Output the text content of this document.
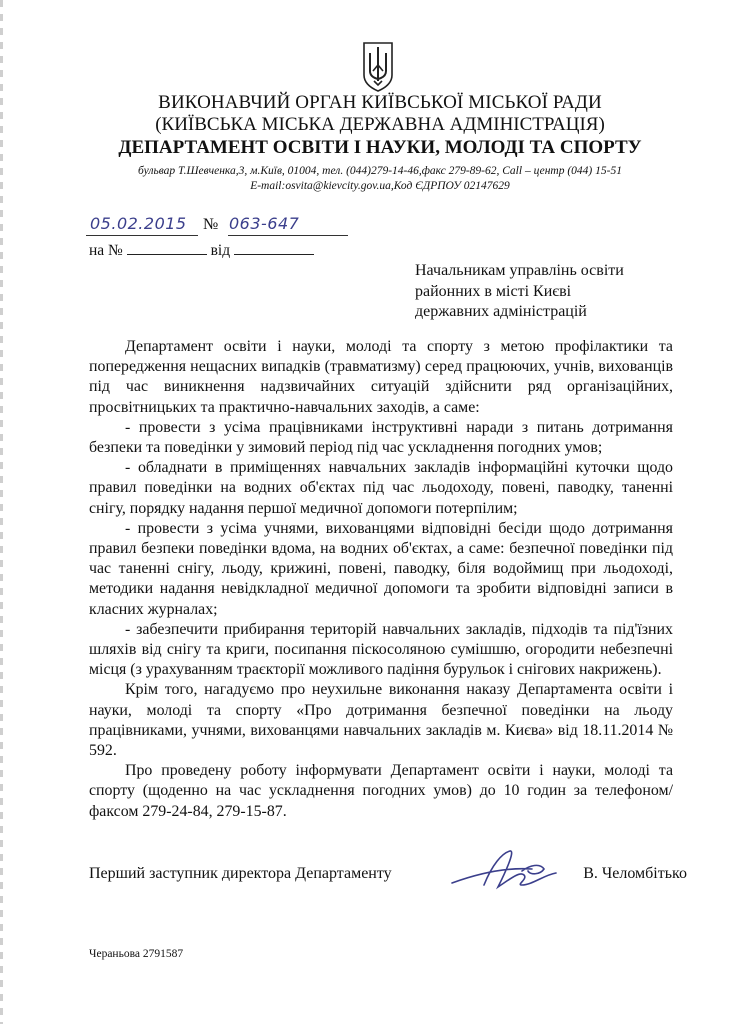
ВИКОНАВЧИЙ ОРГАН КИЇВСЬКОЇ МІСЬКОЇ РАДИ
(КИЇВСЬКА МІСЬКА ДЕРЖАВНА АДМІНІСТРАЦІЯ)
ДЕПАРТАМЕНТ ОСВІТИ І НАУКИ, МОЛОДІ ТА СПОРТУ
бульвар Т.Шевченка,3, м.Київ, 01004, тел. (044)279-14-46,факс 279-89-62, Call – центр (044) 15-51
E-mail:osvita@kievcity.gov.ua,Код ЄДРПОУ 02147629
05.02.2015 № 063-647
на №	від
Начальникам управлінь освіти
районних в місті Києві
державних адміністрацій

Департамент освіти і науки, молоді та спорту з метою профілактики та попередження нещасних випадків (травматизму) серед працюючих, учнів, вихованців під час виникнення надзвичайних ситуацій здійснити ряд організаційних, просвітницьких та практично-навчальних заходів, а саме:

- провести з усіма працівниками інструктивні наради з питань дотримання безпеки та поведінки у зимовий період під час ускладнення погодних умов;

- обладнати в приміщеннях навчальних закладів інформаційні куточки щодо правил поведінки на водних об'єктах під час льодоходу, повені, паводку, таненні снігу, порядку надання першої медичної допомоги потерпілим;

- провести з усіма учнями, вихованцями відповідні бесіди щодо дотримання правил безпеки поведінки вдома, на водних об'єктах, а саме: безпечної поведінки під час таненні снігу, льоду, крижині, повені, паводку, біля водоймищ при льодоході, методики надання невідкладної медичної допомоги та зробити відповідні записи в класних журналах;

- забезпечити прибирання територій навчальних закладів, підходів та під'їзних шляхів від снігу та криги, посипання піскосоляною сумішшю, огородити небезпечні місця (з урахуванням траєкторії можливого падіння бурульок і снігових накрижень).

Крім того, нагадуємо про неухильне виконання наказу Департамента освіти і науки, молоді та спорту «Про дотримання безпечної поведінки на льоду працівниками, учнями, вихованцями навчальних закладів м. Києва» від 18.11.2014 № 592.

Про проведену роботу інформувати Департамент освіти і науки, молоді та спорту (щоденно на час ускладнення погодних умов) до 10 годин за телефоном/факсом 279-24-84, 279-15-87.

Перший заступник директора Департаменту	В. Челомбітько
Чераньова 2791587
